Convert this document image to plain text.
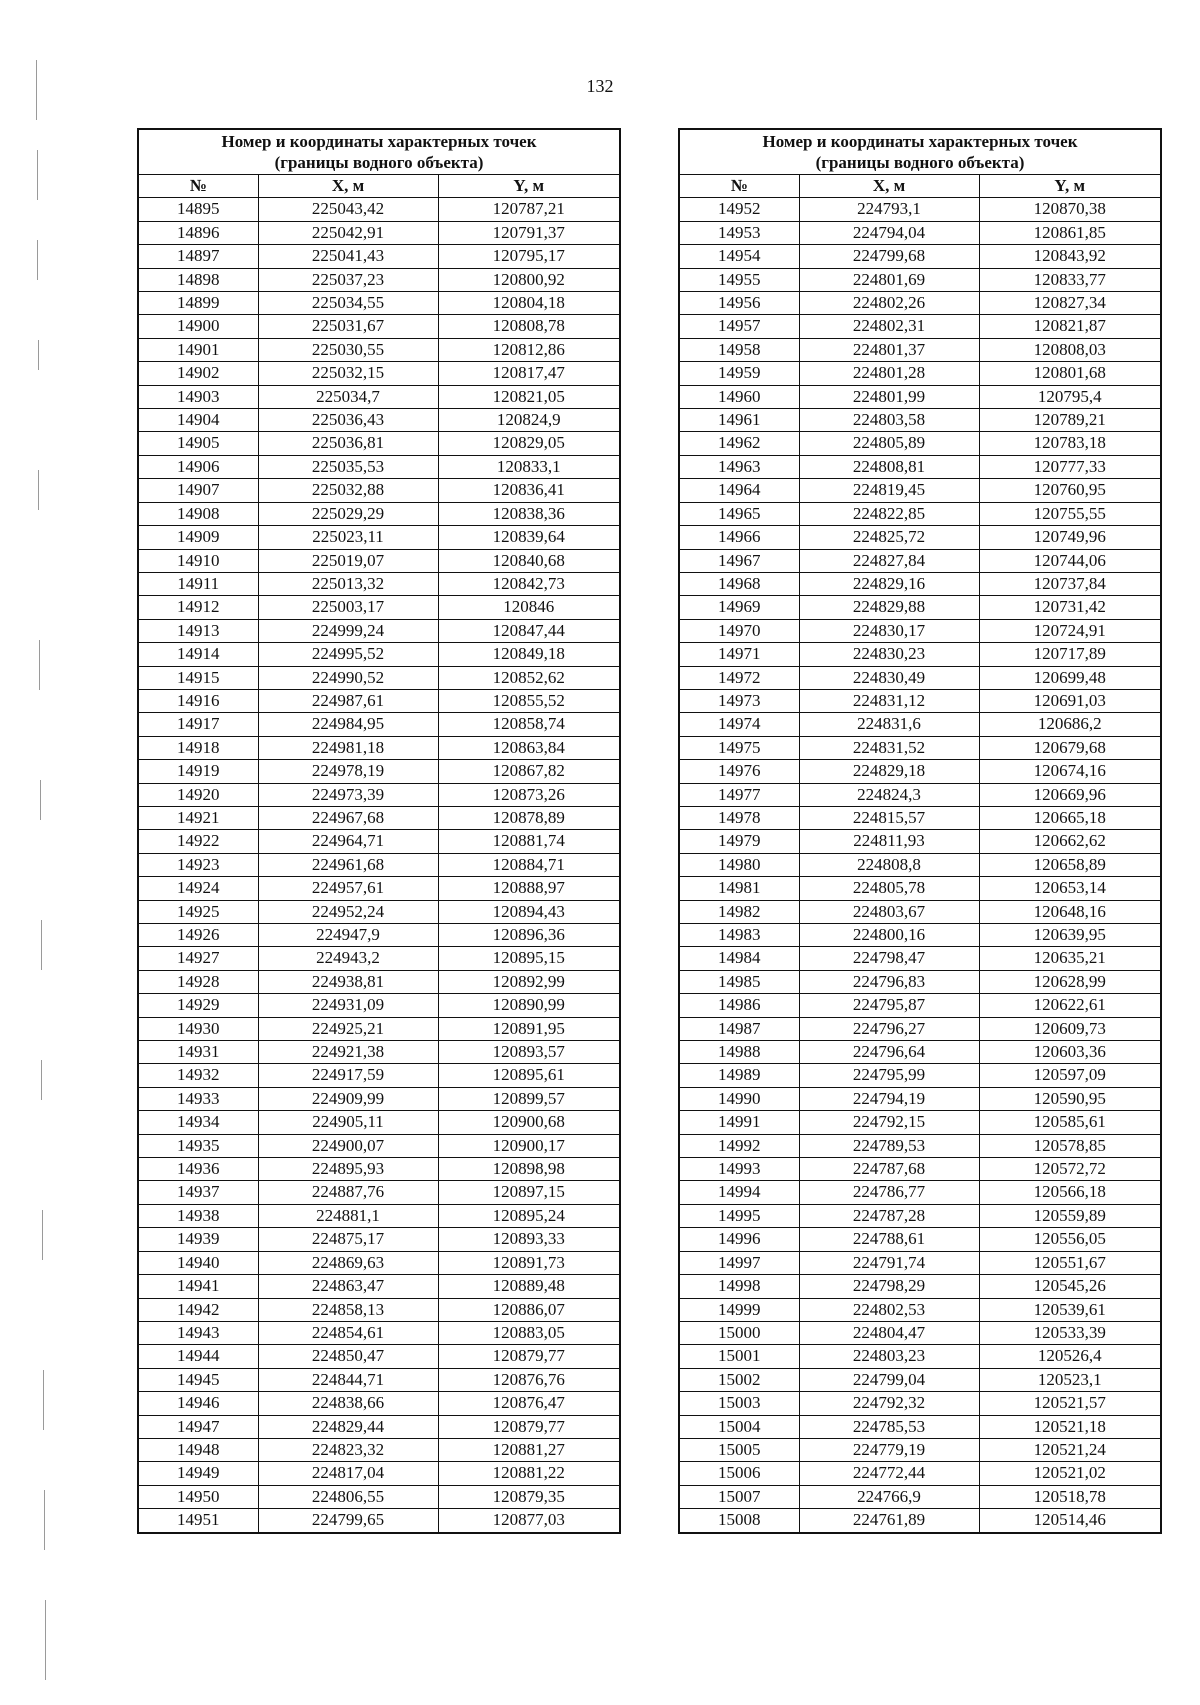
132
Номер и координаты характерных точек
(границы водного объекта)		
№	X, м	Y, м
14895	225043,42	120787,21
14896	225042,91	120791,37
14897	225041,43	120795,17
14898	225037,23	120800,92
14899	225034,55	120804,18
14900	225031,67	120808,78
14901	225030,55	120812,86
14902	225032,15	120817,47
14903	225034,7	120821,05
14904	225036,43	120824,9
14905	225036,81	120829,05
14906	225035,53	120833,1
14907	225032,88	120836,41
14908	225029,29	120838,36
14909	225023,11	120839,64
14910	225019,07	120840,68
14911	225013,32	120842,73
14912	225003,17	120846
14913	224999,24	120847,44
14914	224995,52	120849,18
14915	224990,52	120852,62
14916	224987,61	120855,52
14917	224984,95	120858,74
14918	224981,18	120863,84
14919	224978,19	120867,82
14920	224973,39	120873,26
14921	224967,68	120878,89
14922	224964,71	120881,74
14923	224961,68	120884,71
14924	224957,61	120888,97
14925	224952,24	120894,43
14926	224947,9	120896,36
14927	224943,2	120895,15
14928	224938,81	120892,99
14929	224931,09	120890,99
14930	224925,21	120891,95
14931	224921,38	120893,57
14932	224917,59	120895,61
14933	224909,99	120899,57
14934	224905,11	120900,68
14935	224900,07	120900,17
14936	224895,93	120898,98
14937	224887,76	120897,15
14938	224881,1	120895,24
14939	224875,17	120893,33
14940	224869,63	120891,73
14941	224863,47	120889,48
14942	224858,13	120886,07
14943	224854,61	120883,05
14944	224850,47	120879,77
14945	224844,71	120876,76
14946	224838,66	120876,47
14947	224829,44	120879,77
14948	224823,32	120881,27
14949	224817,04	120881,22
14950	224806,55	120879,35
14951	224799,65	120877,03
Номер и координаты характерных точек
(границы водного объекта)		
№	X, м	Y, м
14952	224793,1	120870,38
14953	224794,04	120861,85
14954	224799,68	120843,92
14955	224801,69	120833,77
14956	224802,26	120827,34
14957	224802,31	120821,87
14958	224801,37	120808,03
14959	224801,28	120801,68
14960	224801,99	120795,4
14961	224803,58	120789,21
14962	224805,89	120783,18
14963	224808,81	120777,33
14964	224819,45	120760,95
14965	224822,85	120755,55
14966	224825,72	120749,96
14967	224827,84	120744,06
14968	224829,16	120737,84
14969	224829,88	120731,42
14970	224830,17	120724,91
14971	224830,23	120717,89
14972	224830,49	120699,48
14973	224831,12	120691,03
14974	224831,6	120686,2
14975	224831,52	120679,68
14976	224829,18	120674,16
14977	224824,3	120669,96
14978	224815,57	120665,18
14979	224811,93	120662,62
14980	224808,8	120658,89
14981	224805,78	120653,14
14982	224803,67	120648,16
14983	224800,16	120639,95
14984	224798,47	120635,21
14985	224796,83	120628,99
14986	224795,87	120622,61
14987	224796,27	120609,73
14988	224796,64	120603,36
14989	224795,99	120597,09
14990	224794,19	120590,95
14991	224792,15	120585,61
14992	224789,53	120578,85
14993	224787,68	120572,72
14994	224786,77	120566,18
14995	224787,28	120559,89
14996	224788,61	120556,05
14997	224791,74	120551,67
14998	224798,29	120545,26
14999	224802,53	120539,61
15000	224804,47	120533,39
15001	224803,23	120526,4
15002	224799,04	120523,1
15003	224792,32	120521,57
15004	224785,53	120521,18
15005	224779,19	120521,24
15006	224772,44	120521,02
15007	224766,9	120518,78
15008	224761,89	120514,46
